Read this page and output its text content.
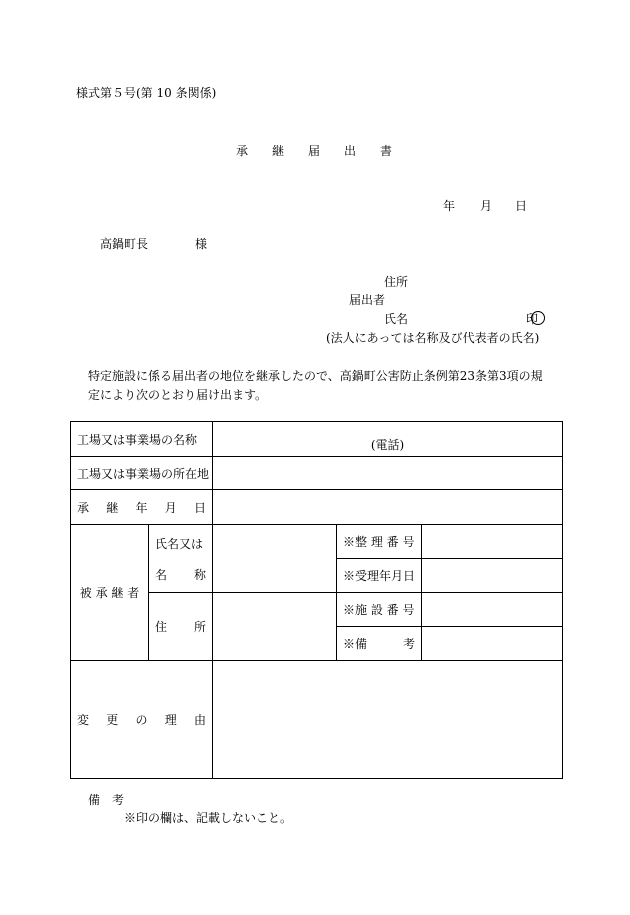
様式第５号(第 10 条関係)
承　　継　　届　　出　　書
年 月 日
高鍋町長	様
住所
届出者
氏名	印
(法人にあっては名称及び代表者の氏名)
特定施設に係る届出者の地位を継承したので、高鍋町公害防止条例第23条第3項の規
定により次のとおり届け出ます。
工場又は事業場の名称		(電話)		
工場又は事業場の所在地				

承 継 年 月 日				

被 承 継 者	氏名又は
名 称		※整 理 番 号	
			※受理年月日	

	住 所		※施 設 番 号	

			※備 考	

変 更 の 理 由				

備　考
※印の欄は、記載しないこと。
